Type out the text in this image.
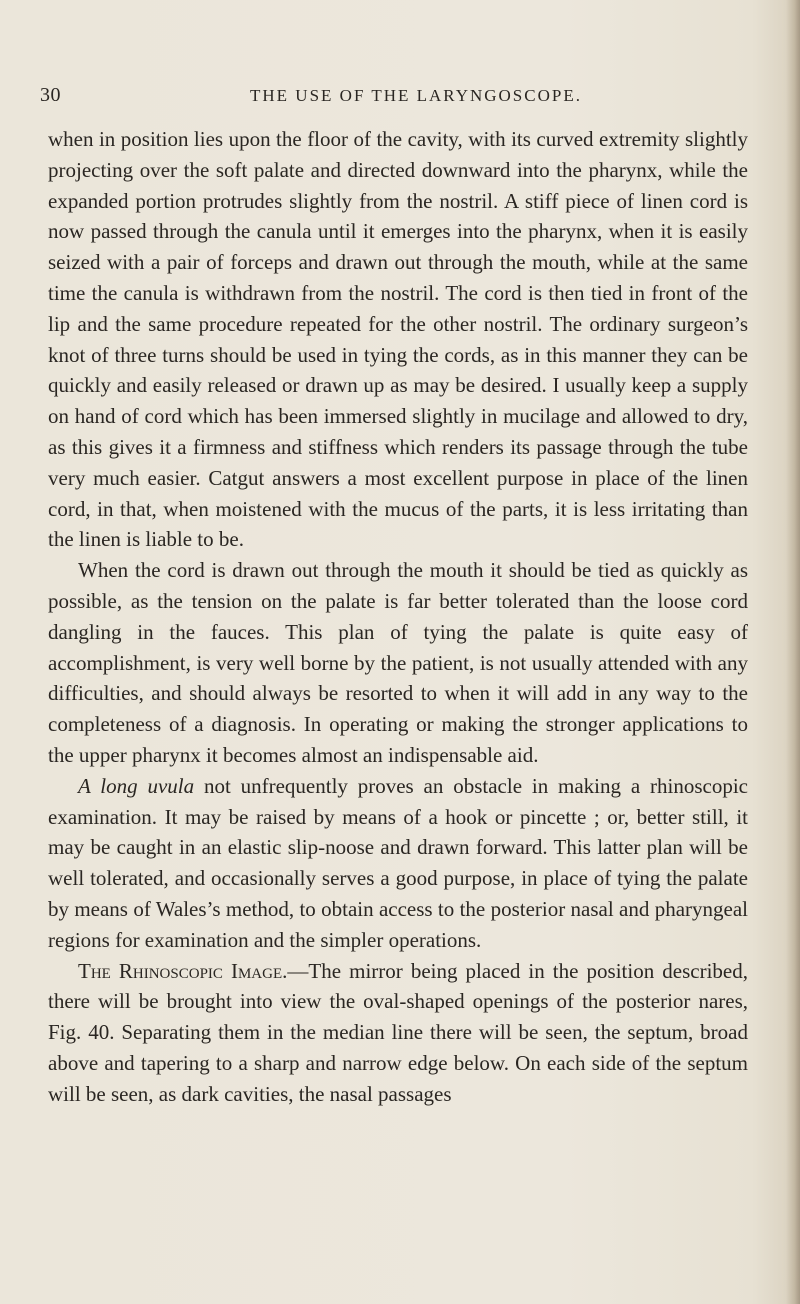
30	THE USE OF THE LARYNGOSCOPE.

when in position lies upon the floor of the cavity, with its curved extremity slightly projecting over the soft palate and directed downward into the pharynx, while the expanded portion protrudes slightly from the nostril. A stiff piece of linen cord is now passed through the canula until it emerges into the pharynx, when it is easily seized with a pair of forceps and drawn out through the mouth, while at the same time the canula is withdrawn from the nostril. The cord is then tied in front of the lip and the same procedure repeated for the other nostril. The ordinary surgeon’s knot of three turns should be used in tying the cords, as in this manner they can be quickly and easily released or drawn up as may be desired. I usually keep a supply on hand of cord which has been immersed slightly in mucilage and allowed to dry, as this gives it a firmness and stiffness which renders its passage through the tube very much easier. Catgut answers a most excellent purpose in place of the linen cord, in that, when moistened with the mucus of the parts, it is less irritating than the linen is liable to be.

When the cord is drawn out through the mouth it should be tied as quickly as possible, as the tension on the palate is far better tolerated than the loose cord dangling in the fauces. This plan of tying the palate is quite easy of accomplishment, is very well borne by the patient, is not usually attended with any difficulties, and should always be resorted to when it will add in any way to the completeness of a diagnosis. In operating or making the stronger applications to the upper pharynx it becomes almost an indispensable aid.

A long uvula not unfrequently proves an obstacle in making a rhinoscopic examination. It may be raised by means of a hook or pincette ; or, better still, it may be caught in an elastic slip-noose and drawn forward. This latter plan will be well tolerated, and occasionally serves a good purpose, in place of tying the palate by means of Wales’s method, to obtain access to the posterior nasal and pharyngeal regions for examination and the simpler operations.

The Rhinoscopic Image.—The mirror being placed in the position described, there will be brought into view the oval-shaped openings of the posterior nares, Fig. 40. Separating them in the median line there will be seen, the septum, broad above and tapering to a sharp and narrow edge below. On each side of the septum will be seen, as dark cavities, the nasal passages
